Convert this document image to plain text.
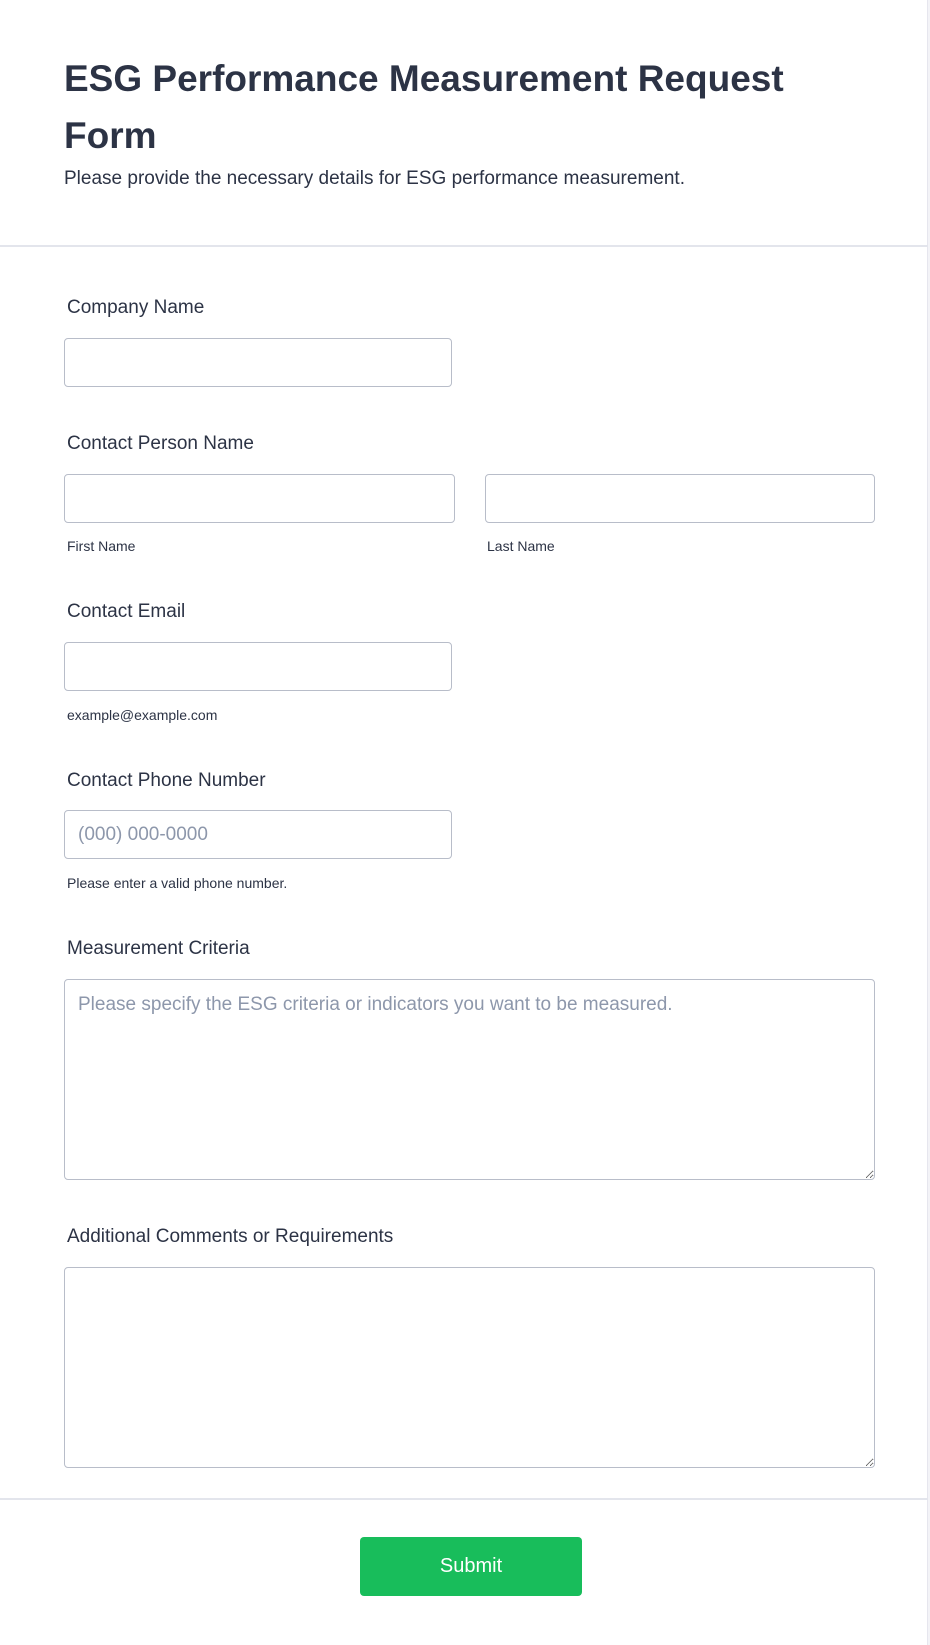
ESG Performance Measurement Request Form

Please provide the necessary details for ESG performance measurement.

Company Name
Contact Person Name
First Name	Last Name
Contact Email
example@example.com
Contact Phone Number
(000) 000-0000
Please enter a valid phone number.
Measurement Criteria
Please specify the ESG criteria or indicators you want to be measured.
Additional Comments or Requirements
Submit
